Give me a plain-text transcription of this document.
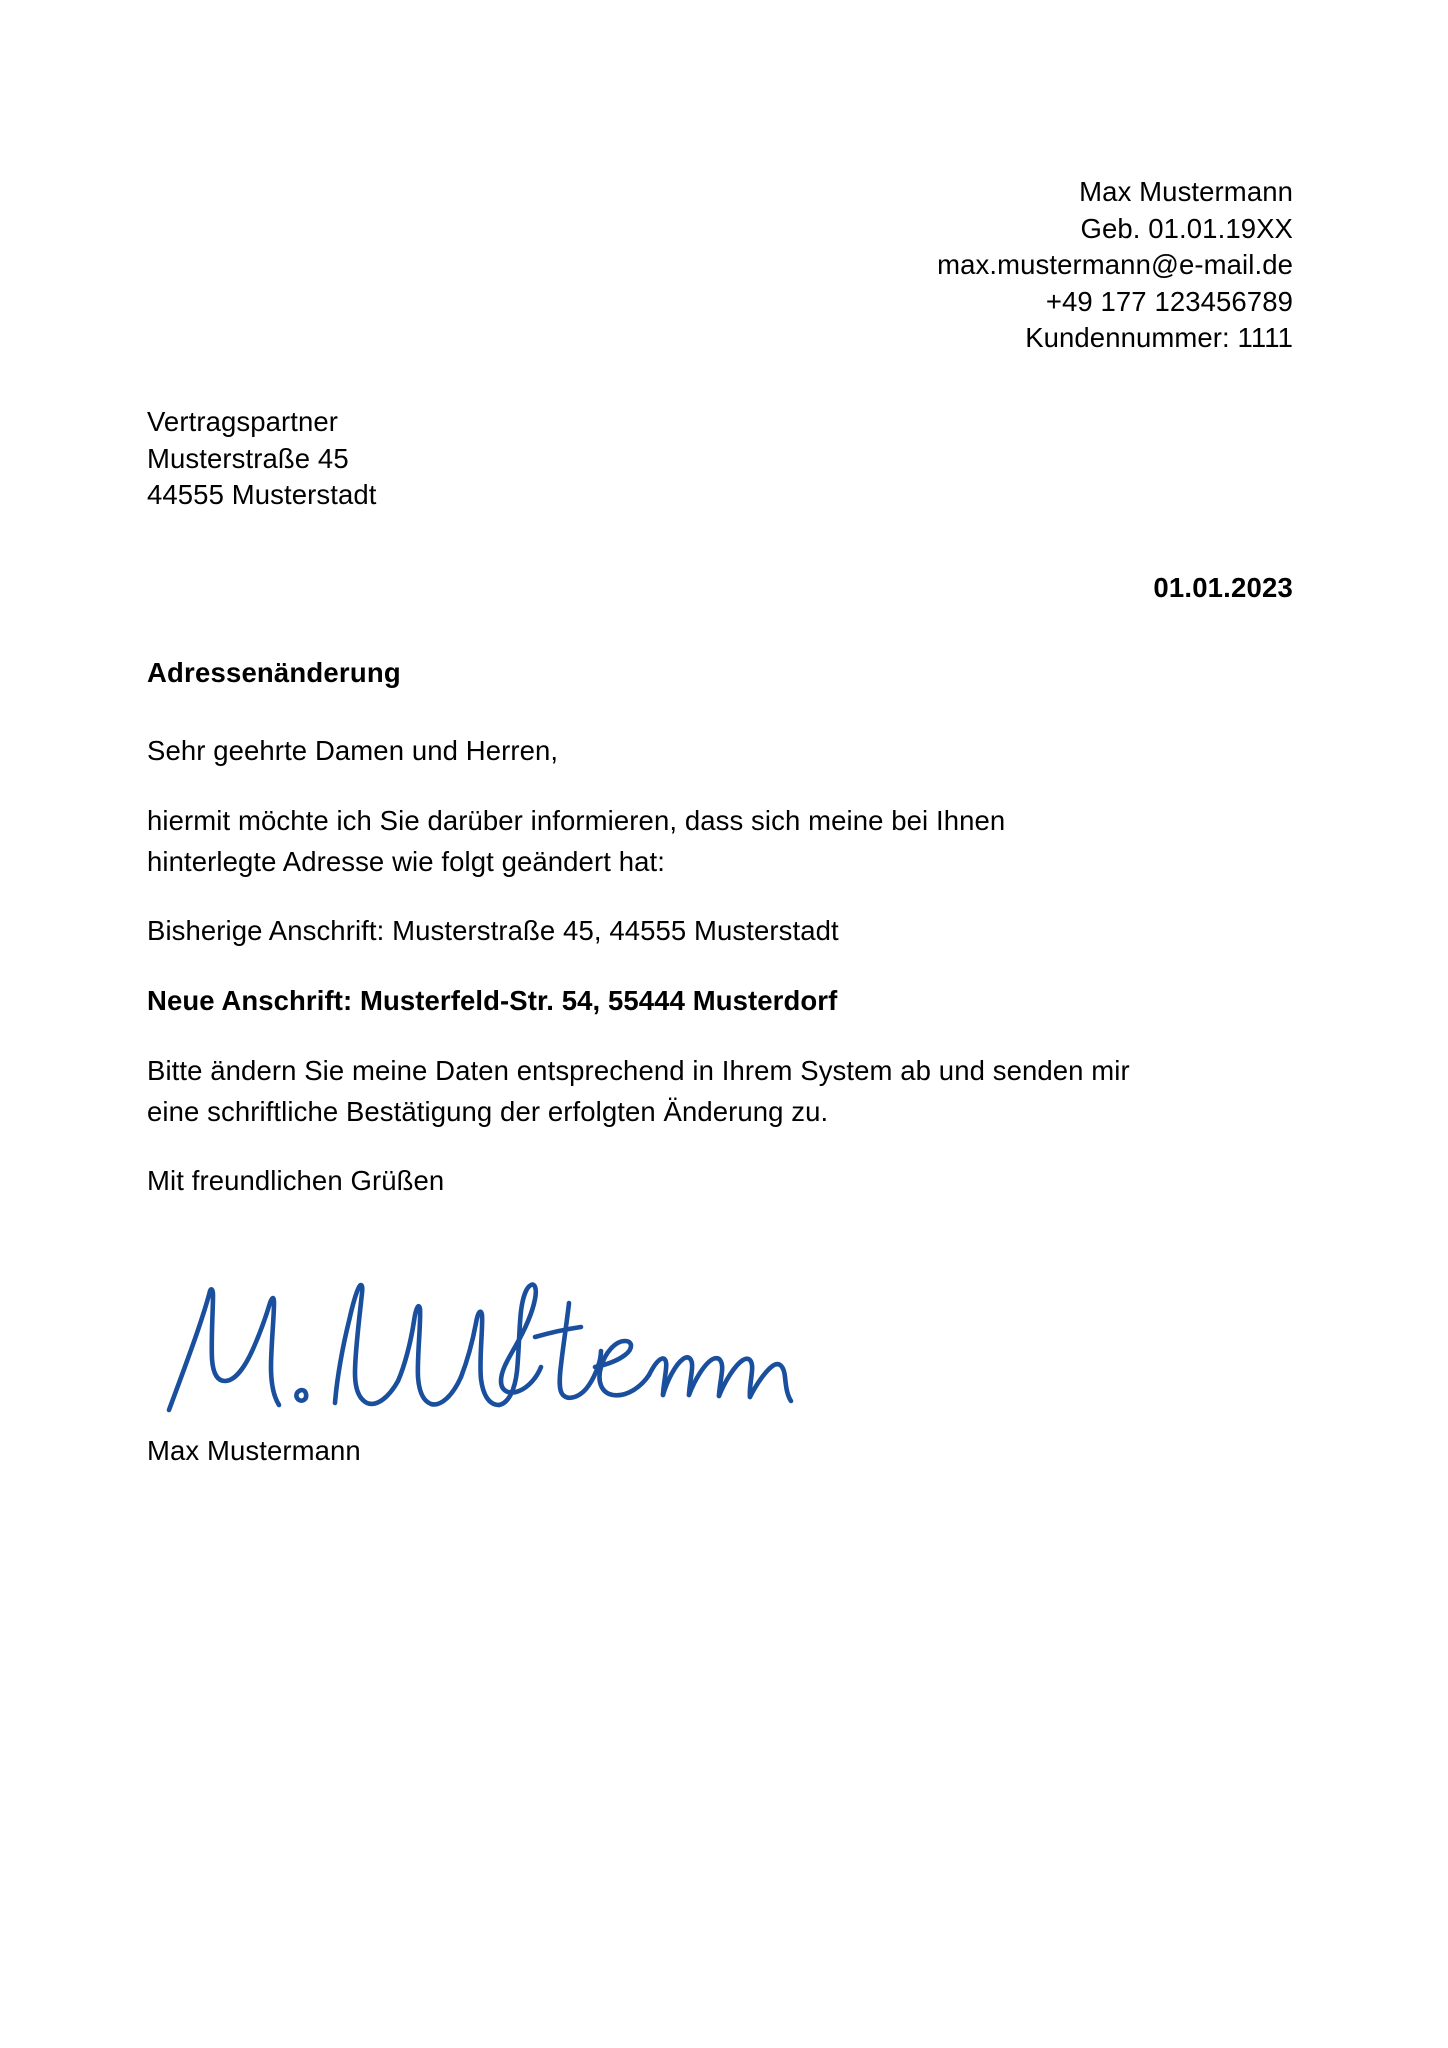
Max Mustermann
Geb. 01.01.19XX
max.mustermann@e-mail.de
+49 177 123456789
Kundennummer: 1111
Vertragspartner
Musterstraße 45
44555 Musterstadt
01.01.2023
Adressenänderung
Sehr geehrte Damen und Herren,
hiermit möchte ich Sie darüber informieren, dass sich meine bei Ihnen hinterlegte Adresse wie folgt geändert hat:
Bisherige Anschrift: Musterstraße 45, 44555 Musterstadt
Neue Anschrift: Musterfeld-Str. 54, 55444 Musterdorf
Bitte ändern Sie meine Daten entsprechend in Ihrem System ab und senden mir eine schriftliche Bestätigung der erfolgten Änderung zu.
Mit freundlichen Grüßen
Max Mustermann
